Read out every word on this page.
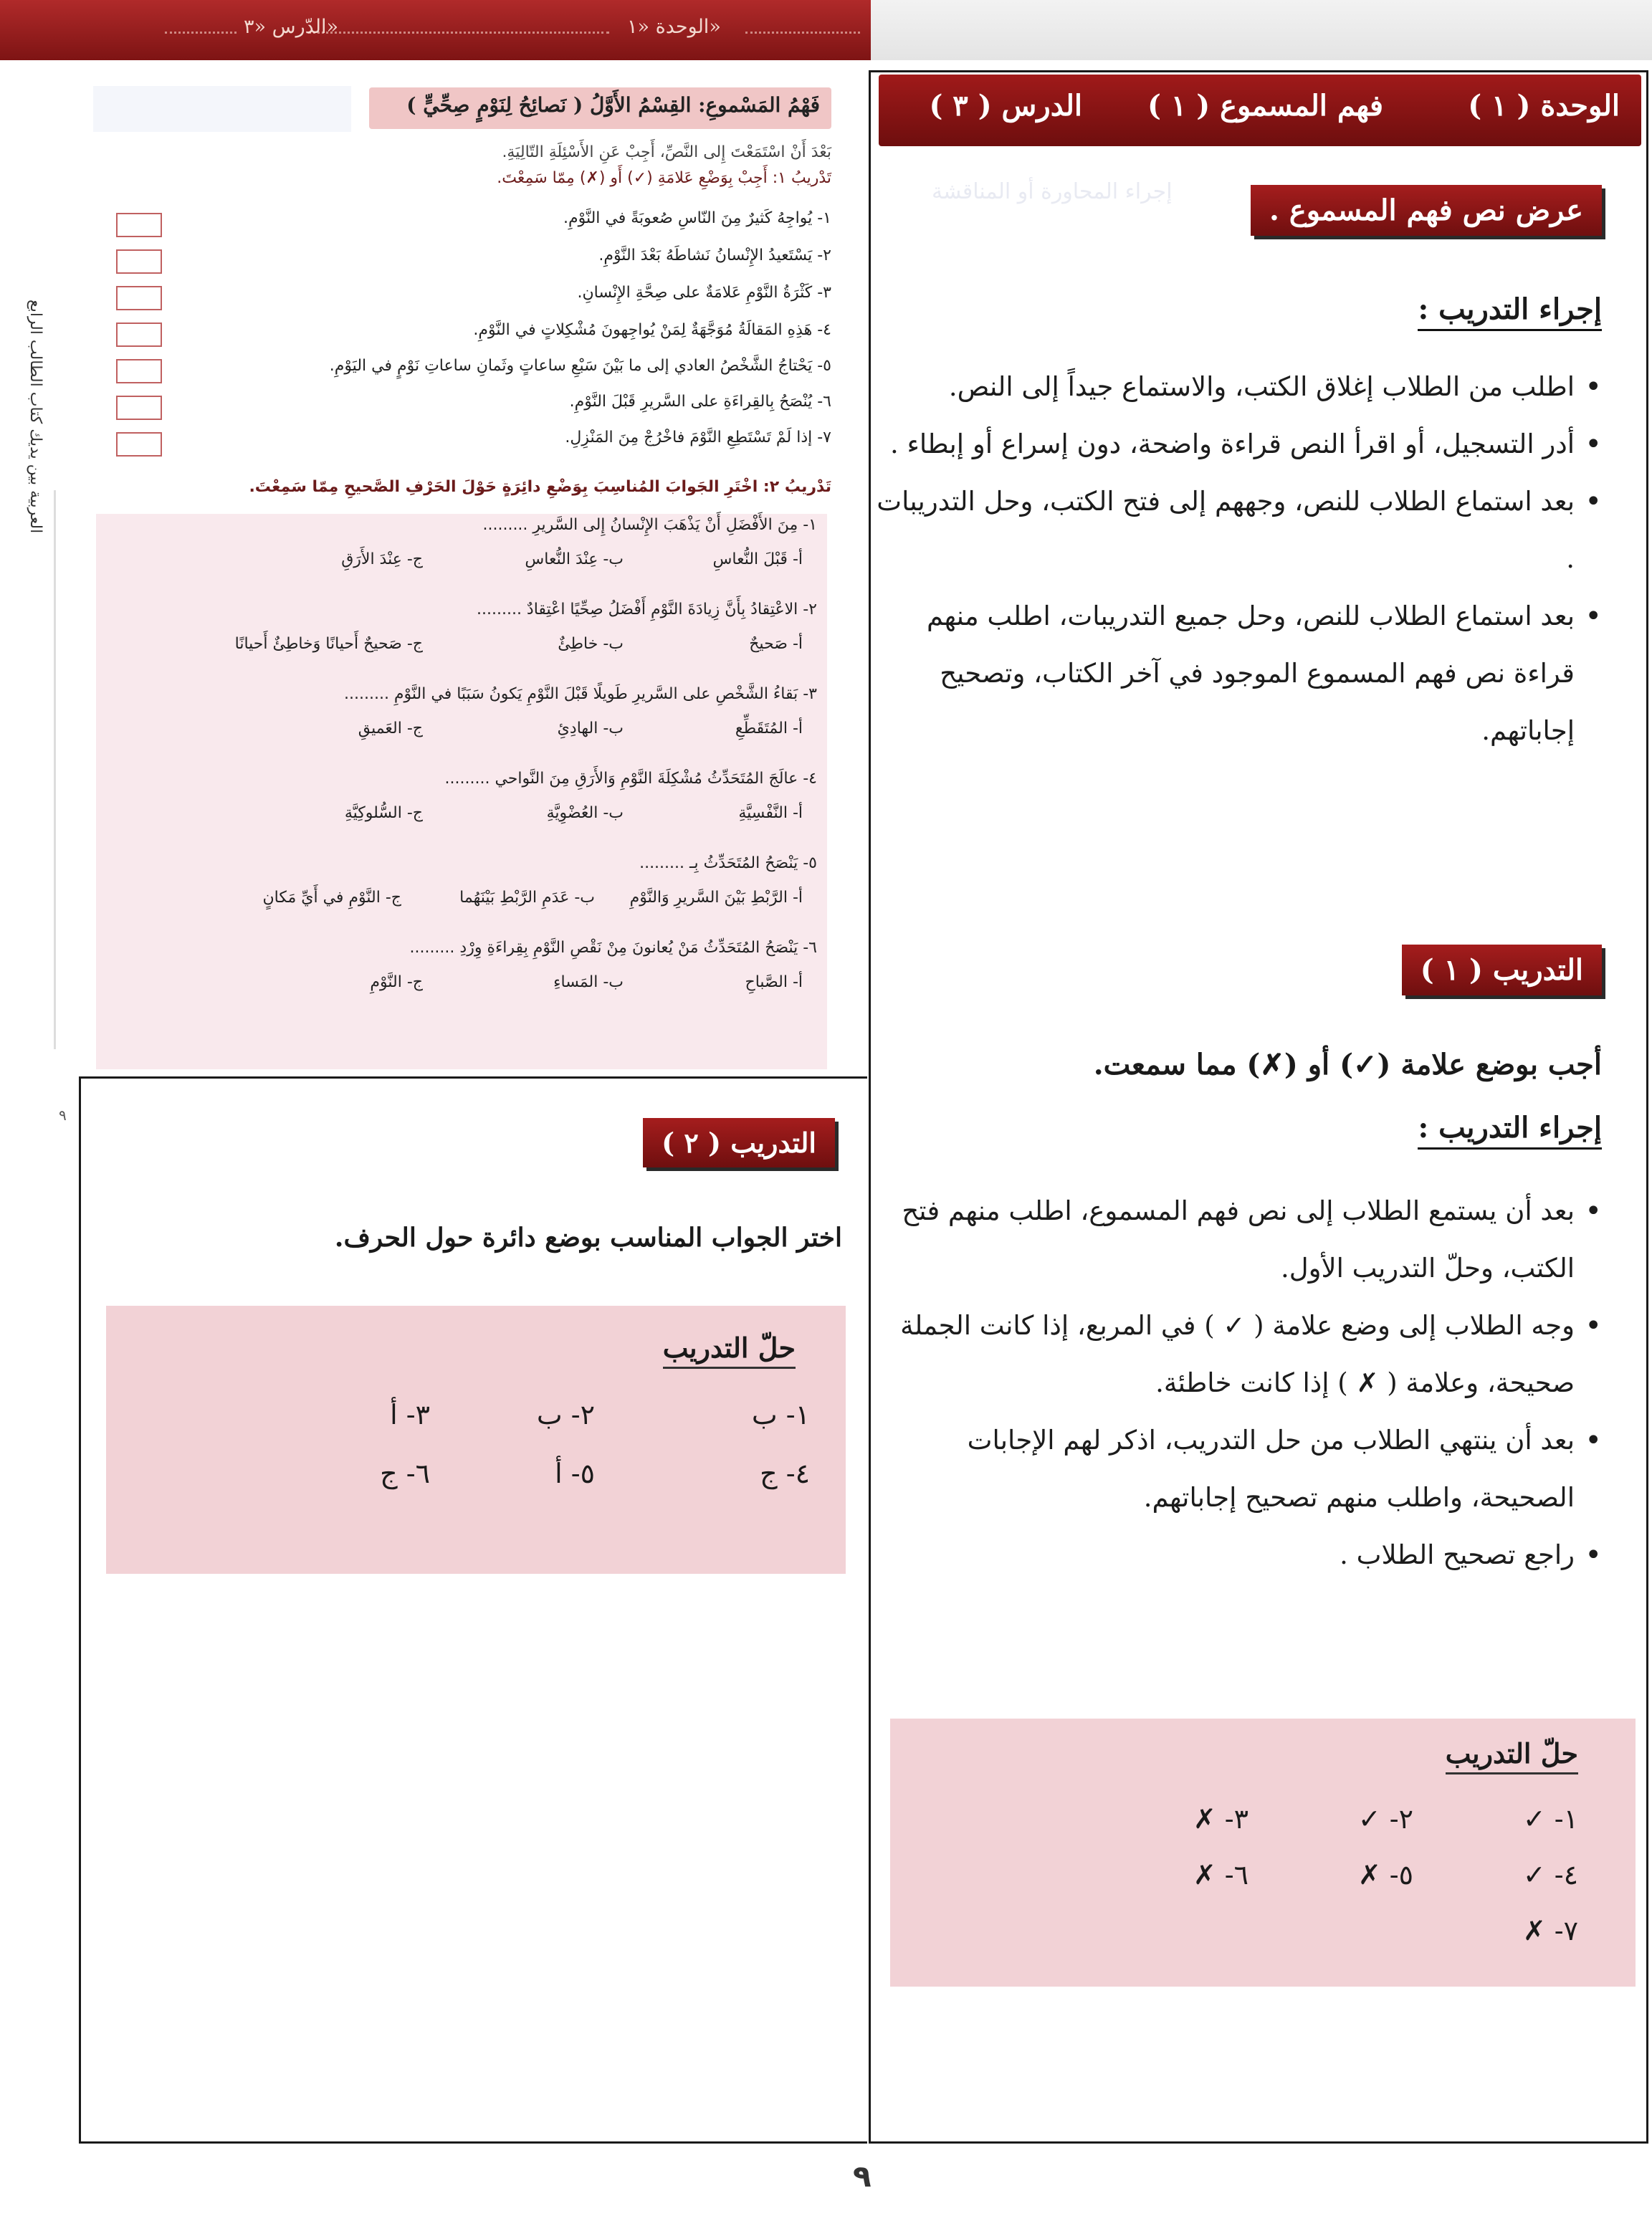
الدّرس «٣»	الوحدة «١»
العربية بين يديك كتاب الطالب الرابع
٩
فَهْمُ المَسْموعِ: القِسْمُ الأَوَّلُ ( نَصائِحُ لِنَوْمٍ صِحِّيٍّ )
بَعْدَ أَنْ اسْتَمَعْتَ إِلى النَّصِّ، أَجِبْ عَنِ الأَسْئِلَةِ التّالِيَةِ.
تَدْريبُ ١: أَجِبْ بِوَضْعِ عَلامَةِ (✓) أَو (✗) مِمّا سَمِعْتَ.
١- يُواجِهُ كَثيرٌ مِنَ النّاسِ صُعوبَةً في النَّوْمِ.
٢- يَسْتَعيدُ الإِنْسانُ نَشاطَهُ بَعْدَ النَّوْمِ.
٣- كَثْرَةُ النَّوْمِ عَلامَةٌ على صِحَّةِ الإِنْسانِ.
٤- هَذِهِ المَقالَةُ مُوَجَّهَةٌ لِمَنْ يُواجِهونَ مُشْكِلاتٍ في النَّوْمِ.
٥- يَحْتاجُ الشَّخْصُ العادي إلى ما بَيْنَ سَبْعِ ساعاتٍ وثَمانِ ساعاتِ نَوْمٍ في اليَوْمِ.
٦- يُنْصَحُ بِالقِراءَةِ على السَّريرِ قَبْلَ النَّوْمِ.
٧- إذا لَمْ تَسْتَطِعِ النَّوْمَ فاخْرُجْ مِنَ المَنْزِلِ.
تَدْريبُ ٢: اخْتَرِ الجَوابَ المُناسِبَ بِوَضْعِ دائِرَةٍ حَوْلَ الحَرْفِ الصَّحيحِ مِمّا سَمِعْتَ.
١- مِنَ الأَفْضَلِ أَنْ يَذْهَبَ الإِنْسانُ إِلى السَّريرِ .........
أ- قَبْلَ النُّعاسِ
ب- عِنْدَ النُّعاسِ
ج- عِنْدَ الأَرَقِ
٢- الاعْتِقادُ بِأَنَّ زِيادَةَ النَّوْمِ أَفْضَلُ صِحِّيًا اعْتِقادٌ .........
أ- صَحيحٌ
ب- خاطِئٌ
ج- صَحيحٌ أَحيانًا وَخاطِئٌ أَحيانًا
٣- بَقاءُ الشَّخْصِ على السَّريرِ طَويلًا قَبْلَ النَّوْمِ يَكونُ سَبَبًا في النَّوْمِ .........
أ- المُتَقَطِّعِ
ب- الهادِئِ
ج- العَميقِ
٤- عالَجَ المُتَحَدِّثُ مُشْكِلَةَ النَّوْمِ وَالأَرَقِ مِنَ النَّواحي .........
أ- النَّفْسِيَّةِ
ب- العُضْوِيَّةِ
ج- السُّلوكِيَّةِ
٥- يَنْصَحُ المُتَحَدِّثُ بِـ .........
أ- الرَّبْطِ بَيْنَ السَّريرِ وَالنَّوْمِ
ب- عَدَمِ الرَّبْطِ بَيْنَهُما
ج- النَّوْمِ في أَيِّ مَكانٍ
٦- يَنْصَحُ المُتَحَدِّثُ مَنْ يُعانونَ مِنْ نَقْصِ النَّوْمِ بِقِراءَةِ وِرْدِ .........
أ- الصَّباحِ
ب- المَساءِ
ج- النَّوْمِ
الوحدة ( ١ )
فهم المسموع ( ١ )
الدرس ( ٣ )
إجراء المحاورة أو المناقشة
عرض نص فهم المسموع .
إجراء التدريب :
• اطلب من الطلاب إغلاق الكتب، والاستماع جيداً إلى النص.
• أدر التسجيل، أو اقرأ النص قراءة واضحة، دون إسراع أو إبطاء .
• بعد استماع الطلاب للنص، وجههم إلى فتح الكتب، وحل التدريبات .
• بعد استماع الطلاب للنص، وحل جميع التدريبات، اطلب منهم قراءة نص فهم المسموع الموجود في آخر الكتاب، وتصحيح إجاباتهم.
التدريب ( ١ )
أجب بوضع علامة (✓) أو (✗) مما سمعت.
إجراء التدريب :
• بعد أن يستمع الطلاب إلى نص فهم المسموع، اطلب منهم فتح الكتب، وحلّ التدريب الأول.
• وجه الطلاب إلى وضع علامة ( ✓ ) في المربع، إذا كانت الجملة صحيحة، وعلامة ( ✗ ) إذا كانت خاطئة.
• بعد أن ينتهي الطلاب من حل التدريب، اذكر لهم الإجابات الصحيحة، واطلب منهم تصحيح إجاباتهم.
• راجع تصحيح الطلاب .
حلّ التدريب
١- ✓
٢- ✓
٣- ✗
٤- ✓
٥- ✗
٦- ✗
٧- ✗
التدريب ( ٢ )
اختر الجواب المناسب بوضع دائرة حول الحرف.
حلّ التدريب
١- ب
٢- ب
٣- أ
٤- ج
٥- أ
٦- ج
٩
